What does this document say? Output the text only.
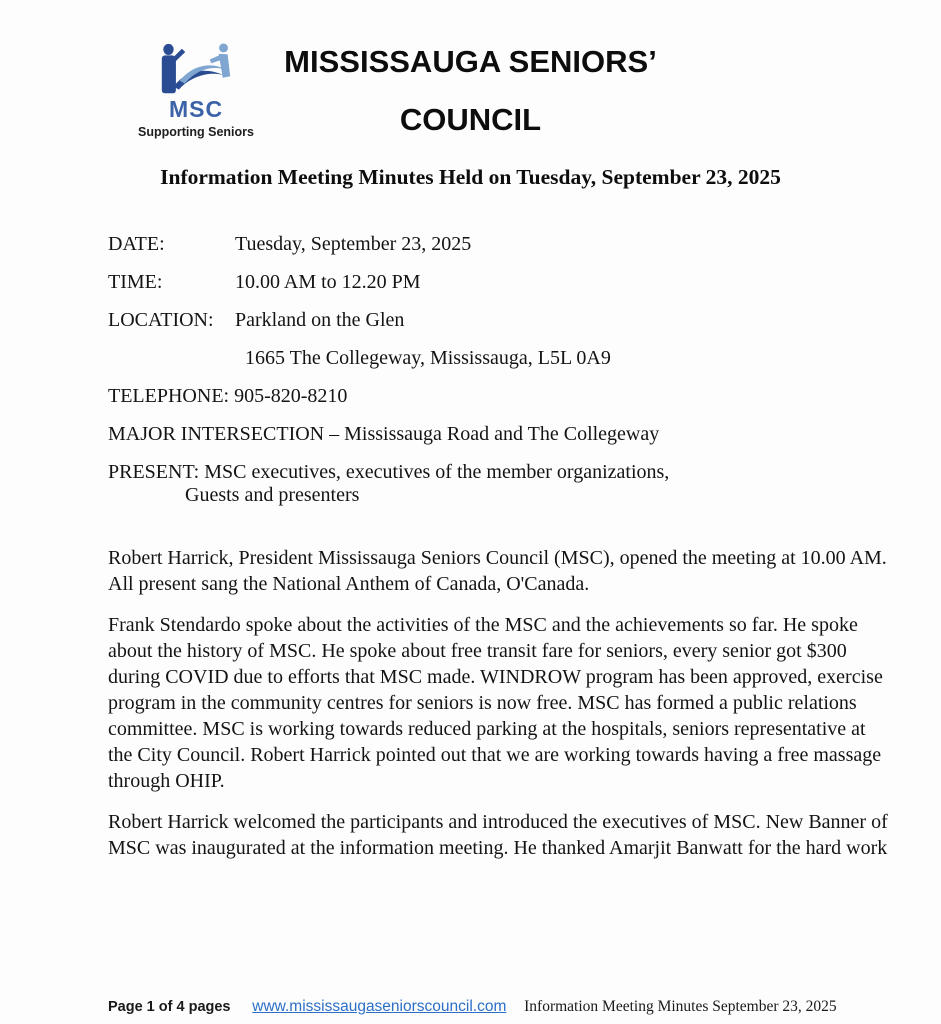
MSC
Supporting Seniors
MISSISSAUGA SENIORS’
COUNCIL
Information Meeting Minutes Held on Tuesday, September 23, 2025
DATE:	Tuesday, September 23, 2025
TIME:	10.00 AM to 12.20 PM
LOCATION:	Parkland on the Glen
1665 The Collegeway, Mississauga, L5L 0A9
TELEPHONE: 905-820-8210
MAJOR INTERSECTION – Mississauga Road and The Collegeway
PRESENT: MSC executives, executives of the member organizations,
Guests and presenters

Robert Harrick, President Mississauga Seniors Council (MSC), opened the meeting at 10.00 AM. All present sang the National Anthem of Canada, O'Canada.

Frank Stendardo spoke about the activities of the MSC and the achievements so far. He spoke about the history of MSC. He spoke about free transit fare for seniors, every senior got $300 during COVID due to efforts that MSC made. WINDROW program has been approved, exercise program in the community centres for seniors is now free. MSC has formed a public relations committee. MSC is working towards reduced parking at the hospitals, seniors representative at the City Council. Robert Harrick pointed out that we are working towards having a free massage through OHIP.

Robert Harrick welcomed the participants and introduced the executives of MSC. New Banner of MSC was inaugurated at the information meeting. He thanked Amarjit Banwatt for the hard work

Page 1 of 4 pages www.mississaugaseniorscouncil.com Information Meeting Minutes September 23, 2025
